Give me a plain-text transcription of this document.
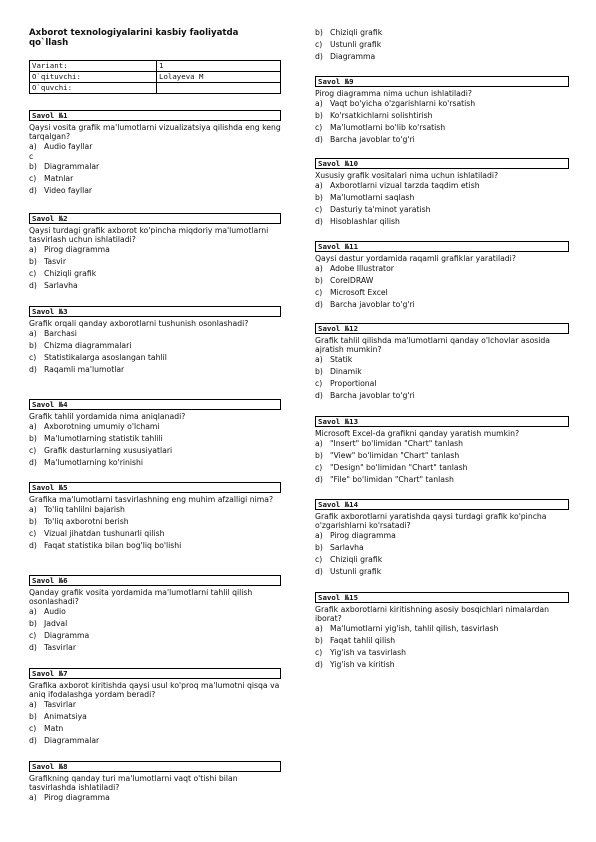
Axborot texnologiyalarini kasbiy faoliyatda qo`llash
Variant:	1
O`qituvchi:	Lolayeva M
O`quvchi:	
Savol №1
Qaysi vosita grafik ma'lumotlarni vizualizatsiya qilishda eng keng tarqalgan?
a ) Audio fayllar
c
b ) Diagrammalar
c ) Matnlar
d ) Video fayllar
Savol №2
Qaysi turdagi grafik axborot ko'pincha miqdoriy ma'lumotlarni tasvirlash uchun ishlatiladi?
a ) Pirog diagramma
b ) Tasvir
c ) Chiziqli grafik
d ) Sarlavha
Savol №3
Grafik orqali qanday axborotlarni tushunish osonlashadi?
a ) Barchasi
b ) Chizma diagrammalari
c ) Statistikalarga asoslangan tahlil
d ) Raqamli ma'lumotlar
Savol №4
Grafik tahlil yordamida nima aniqlanadi?
a ) Axborotning umumiy o'lchami
b ) Ma'lumotlarning statistik tahlili
c ) Grafik dasturlarning xususiyatlari
d ) Ma'lumotlarning ko'rinishi
Savol №5
Grafika ma'lumotlarni tasvirlashning eng muhim afzalligi nima?
a ) To'liq tahlilni bajarish
b ) To'liq axborotni berish
c ) Vizual jihatdan tushunarli qilish
d ) Faqat statistika bilan bog'liq bo'lishi
Savol №6
Qanday grafik vosita yordamida ma'lumotlarni tahlil qilish osonlashadi?
a ) Audio
b ) Jadval
c ) Diagramma
d ) Tasvirlar
Savol №7
Grafika axborot kiritishda qaysi usul ko'proq ma'lumotni qisqa va aniq ifodalashga yordam beradi?
a ) Tasvirlar
b ) Animatsiya
c ) Matn
d ) Diagrammalar
Savol №8
Grafikning qanday turi ma'lumotlarni vaqt o'tishi bilan tasvirlashda ishlatiladi?
a ) Pirog diagramma
b ) Chiziqli grafik
c ) Ustunli grafik
d ) Diagramma
Savol №9
Pirog diagramma nima uchun ishlatiladi?
a ) Vaqt bo'yicha o'zgarishlarni ko'rsatish
b ) Ko'rsatkichlarni solishtirish
c ) Ma'lumotlarni bo'lib ko'rsatish
d ) Barcha javoblar to'g'ri
Savol №10
Xususiy grafik vositalari nima uchun ishlatiladi?
a ) Axborotlarni vizual tarzda taqdim etish
b ) Ma'lumotlarni saqlash
c ) Dasturiy ta'minot yaratish
d ) Hisoblashlar qilish
Savol №11
Qaysi dastur yordamida raqamli grafiklar yaratiladi?
a ) Adobe Illustrator
b ) CorelDRAW
c ) Microsoft Excel
d ) Barcha javoblar to'g'ri
Savol №12
Grafik tahlil qilishda ma'lumotlarni qanday o'lchovlar asosida ajratish mumkin?
a ) Statik
b ) Dinamik
c ) Proportional
d ) Barcha javoblar to'g'ri
Savol №13
Microsoft Excel-da grafikni qanday yaratish mumkin?
a ) "Insert" bo'limidan "Chart" tanlash
b ) "View" bo'limidan "Chart" tanlash
c ) "Design" bo'limidan "Chart" tanlash
d ) "File" bo'limidan "Chart" tanlash
Savol №14
Grafik axborotlarni yaratishda qaysi turdagi grafik ko'pincha o'zgarishlarni ko'rsatadi?
a ) Pirog diagramma
b ) Sarlavha
c ) Chiziqli grafik
d ) Ustunli grafik
Savol №15
Grafik axborotlarni kiritishning asosiy bosqichlari nimalardan iborat?
a ) Ma'lumotlarni yig'ish, tahlil qilish, tasvirlash
b ) Faqat tahlil qilish
c ) Yig'ish va tasvirlash
d ) Yig'ish va kiritish
